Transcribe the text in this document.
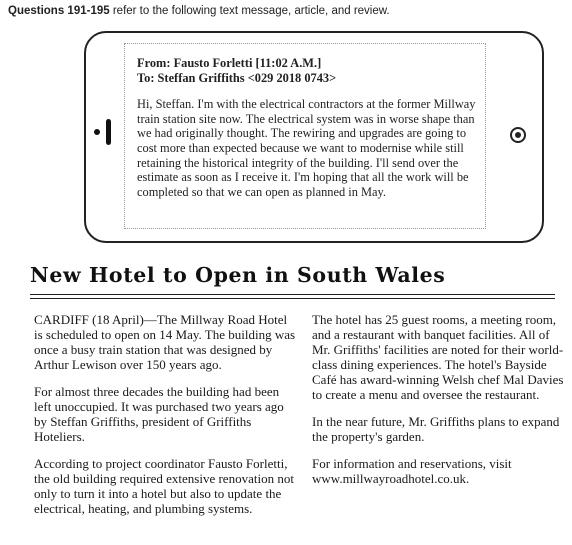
Questions 191-195 refer to the following text message, article, and review.
From: Fausto Forletti [11:02 A.M.]
To: Steffan Griffiths <029 2018 0743>
Hi, Steffan. I'm with the electrical contractors at the former Millway train station site now. The electrical system was in worse shape than we had originally thought. The rewiring and upgrades are going to cost more than expected because we want to modernise while still retaining the historical integrity of the building. I'll send over the estimate as soon as I receive it. I'm hoping that all the work will be completed so that we can open as planned in May.
New Hotel to Open in South Wales

CARDIFF (18 April)—The Millway Road Hotel is scheduled to open on 14 May. The building was once a busy train station that was designed by Arthur Lewison over 150 years ago.

For almost three decades the building had been left unoccupied. It was purchased two years ago by Steffan Griffiths, president of Griffiths Hoteliers.

According to project coordinator Fausto Forletti, the old building required extensive renovation not only to turn it into a hotel but also to update the electrical, heating, and plumbing systems.

The hotel has 25 guest rooms, a meeting room, and a restaurant with banquet facilities. All of Mr. Griffiths' facilities are noted for their world-class dining experiences. The hotel's Bayside Café has award-winning Welsh chef Mal Davies to create a menu and oversee the restaurant.

In the near future, Mr. Griffiths plans to expand the property's garden.

For information and reservations, visit www.millwayroadhotel.co.uk.
